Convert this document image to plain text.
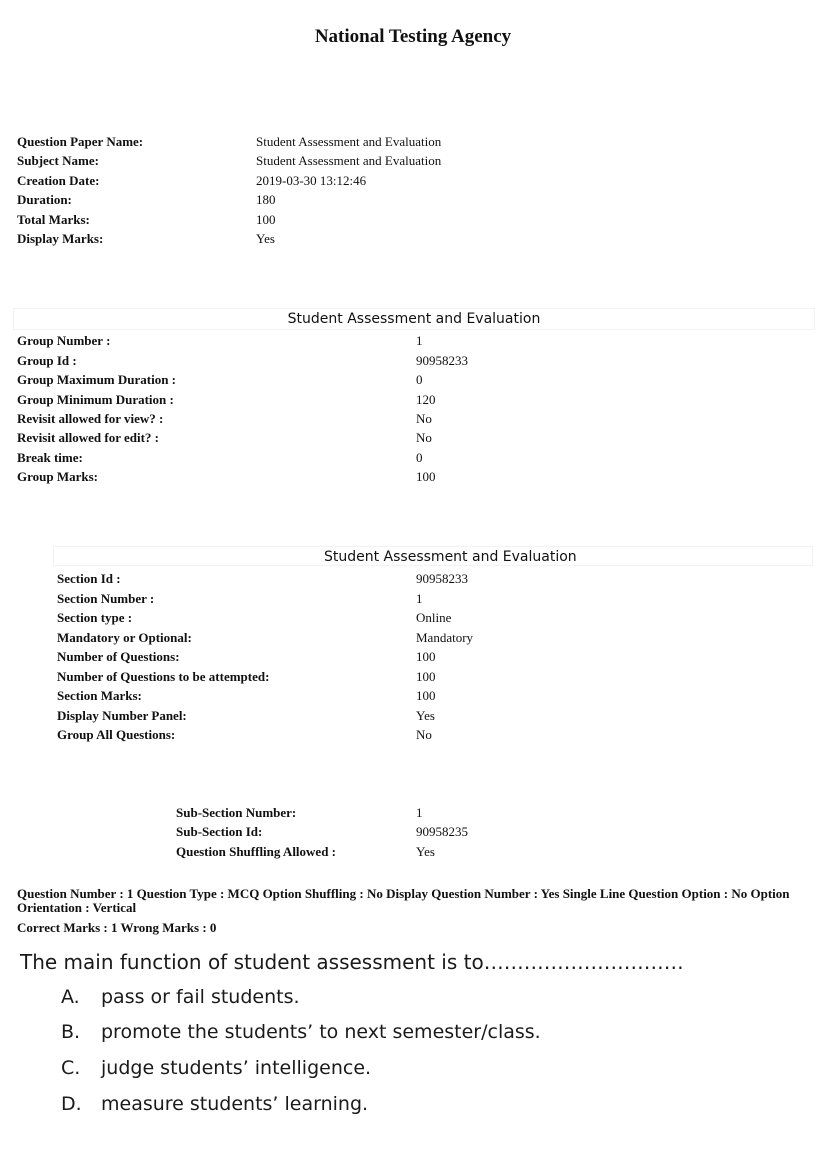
National Testing Agency
Question Paper Name:	Student Assessment and Evaluation
Subject Name:	Student Assessment and Evaluation
Creation Date:	2019-03-30 13:12:46
Duration:	180
Total Marks:	100
Display Marks:	Yes
Student Assessment and Evaluation
Group Number :	1
Group Id :	90958233
Group Maximum Duration :	0
Group Minimum Duration :	120
Revisit allowed for view? :	No
Revisit allowed for edit? :	No
Break time:	0
Group Marks:	100
Student Assessment and Evaluation
Section Id :	90958233
Section Number :	1
Section type :	Online
Mandatory or Optional:	Mandatory
Number of Questions:	100
Number of Questions to be attempted:	100
Section Marks:	100
Display Number Panel:	Yes
Group All Questions:	No
Sub-Section Number:	1
Sub-Section Id:	90958235
Question Shuffling Allowed :	Yes
Question Number : 1 Question Type : MCQ Option Shuffling : No Display Question Number : Yes Single Line Question Option : No Option Orientation : Vertical
Correct Marks : 1 Wrong Marks : 0
The main function of student assessment is to…………………………
A. pass or fail students.
B. promote the students’ to next semester/class.
C. judge students’ intelligence.
D. measure students’ learning.
